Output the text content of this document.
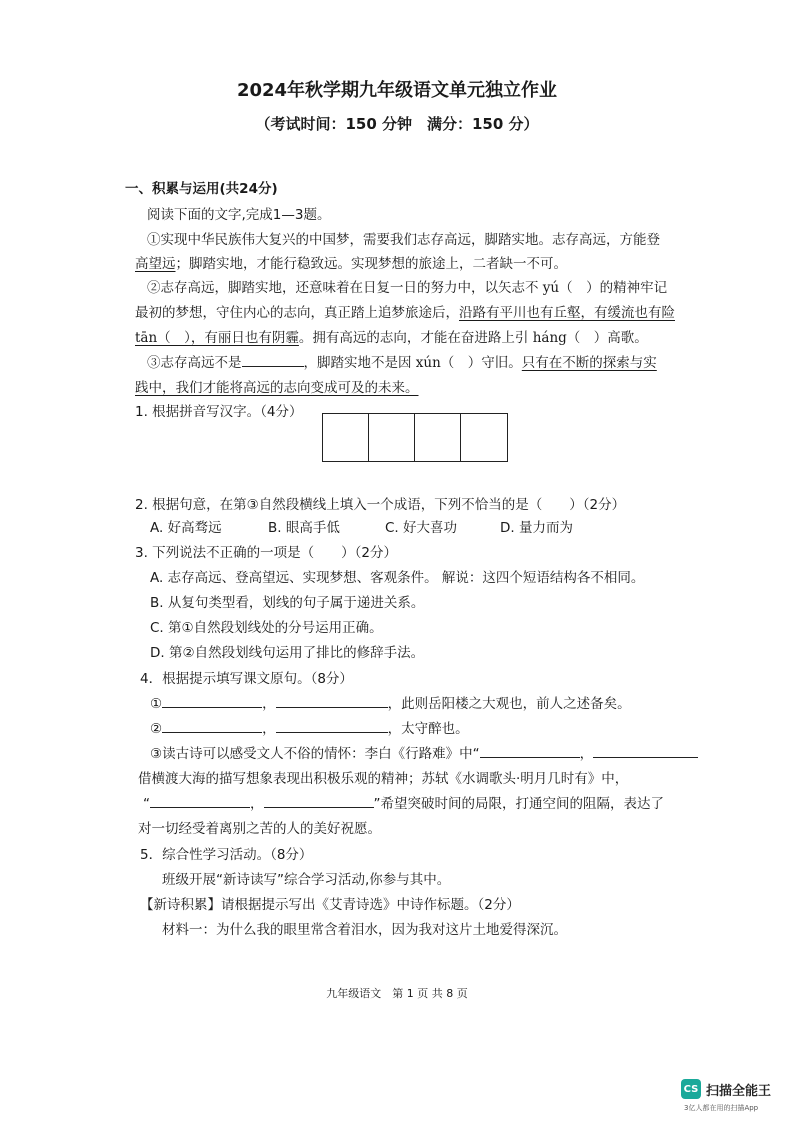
2024年秋学期九年级语文单元独立作业
（考试时间：150 分钟　满分：150 分）
一、积累与运用(共24分)
阅读下面的文字,完成1—3题。
①实现中华民族伟大复兴的中国梦，需要我们志存高远，脚踏实地。志存高远，方能登
高望远；脚踏实地，才能行稳致远。实现梦想的旅途上，二者缺一不可。
②志存高远，脚踏实地，还意味着在日复一日的努力中，以矢志不 yú（　）的精神牢记
最初的梦想，守住内心的志向，真正踏上追梦旅途后，沿路有平川也有丘壑，有缓流也有险
tān（　），有丽日也有阴霾。拥有高远的志向，才能在奋进路上引 háng（　）高歌。
③志存高远不是	，脚踏实地不是因 xún（　）守旧。只有在不断的探索与实
践中，我们才能将高远的志向变成可及的未来。
1. 根据拼音写汉字。（4分）
2. 根据句意，在第③自然段横线上填入一个成语，下列不恰当的是（　　）（2分）
A. 好高骛远	B. 眼高手低	C. 好大喜功	D. 量力而为
3. 下列说法不正确的一项是（　　）（2分）
A. 志存高远、登高望远、实现梦想、客观条件。 解说：这四个短语结构各不相同。
B. 从复句类型看，划线的句子属于递进关系。
C. 第①自然段划线处的分号运用正确。
D. 第②自然段划线句运用了排比的修辞手法。
4．根据提示填写课文原句。（8分）
①	，	，此则岳阳楼之大观也，前人之述备矣。
②	，	，太守醉也。
③读古诗可以感受文人不俗的情怀：李白《行路难》中“	，
借横渡大海的描写想象表现出积极乐观的精神；苏轼《水调歌头·明月几时有》中，
“	，	”希望突破时间的局限，打通空间的阻隔，表达了
对一切经受着离别之苦的人的美好祝愿。
5．综合性学习活动。（8分）
班级开展“新诗读写”综合学习活动,你参与其中。
【新诗积累】请根据提示写出《艾青诗选》中诗作标题。（2分）
材料一：为什么我的眼里常含着泪水，因为我对这片土地爱得深沉。
九年级语文　第 1 页 共 8 页
CS 扫描全能王
3亿人都在用的扫描App
